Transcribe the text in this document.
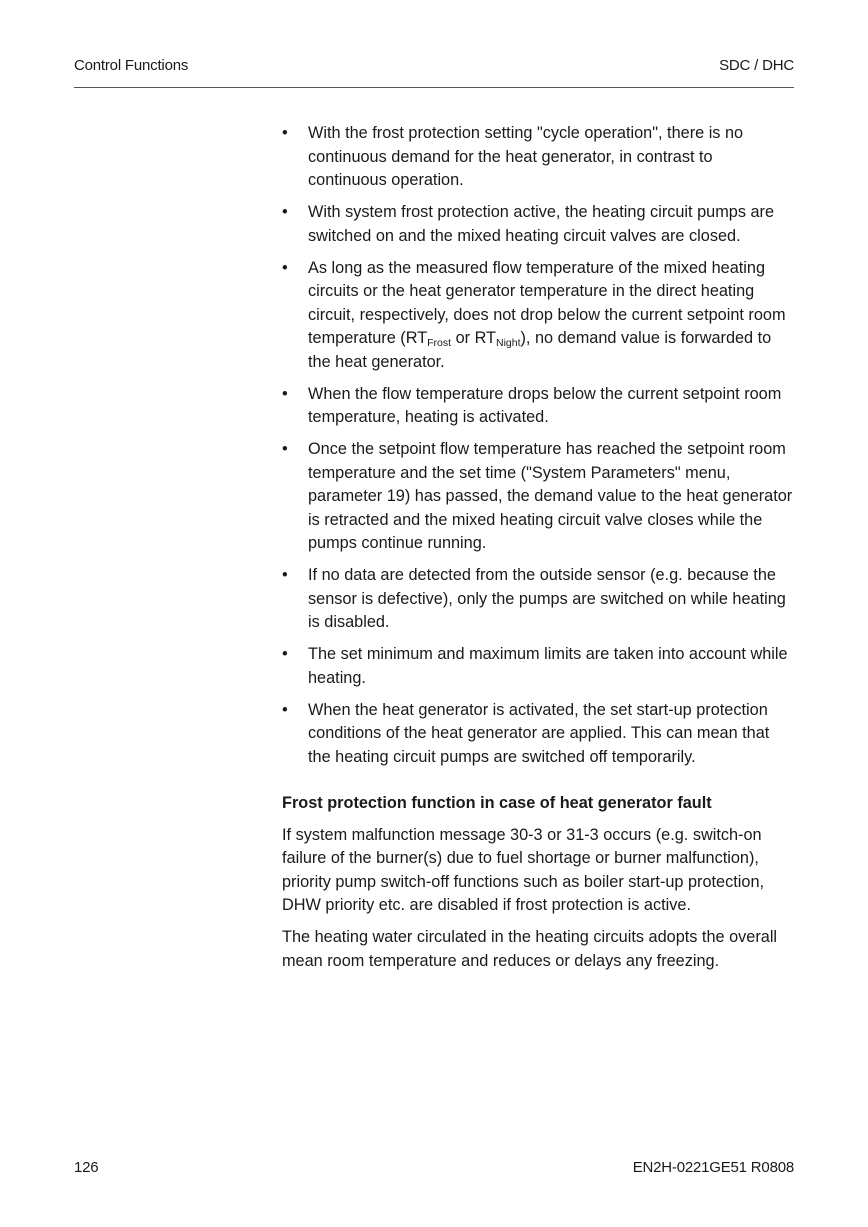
Control Functions	SDC / DHC
• With the frost protection setting "cycle operation", there is no continuous demand for the heat generator, in contrast to continuous operation.
• With system frost protection active, the heating circuit pumps are switched on and the mixed heating circuit valves are closed.
• As long as the measured flow temperature of the mixed heating circuits or the heat generator temperature in the direct heating circuit, respectively, does not drop below the current setpoint room temperature ($RT_{Frost}$ or $RT_{Night}$), no demand value is forwarded to the heat generator.
• When the flow temperature drops below the current setpoint room temperature, heating is activated.
• Once the setpoint flow temperature has reached the setpoint room temperature and the set time ("System Parameters" menu, parameter 19) has passed, the demand value to the heat generator is retracted and the mixed heating circuit valve closes while the pumps continue running.
• If no data are detected from the outside sensor (e.g. because the sensor is defective), only the pumps are switched on while heating is disabled.
• The set minimum and maximum limits are taken into account while heating.
• When the heat generator is activated, the set start-up protection conditions of the heat generator are applied. This can mean that the heating circuit pumps are switched off temporarily.
Frost protection function in case of heat generator fault

If system malfunction message 30-3 or 31-3 occurs (e.g. switch-on failure of the burner(s) due to fuel shortage or burner malfunction), priority pump switch-off functions such as boiler start-up protection, DHW priority etc. are disabled if frost protection is active.

The heating water circulated in the heating circuits adopts the overall mean room temperature and reduces or delays any freezing.

126	EN2H-0221GE51 R0808
